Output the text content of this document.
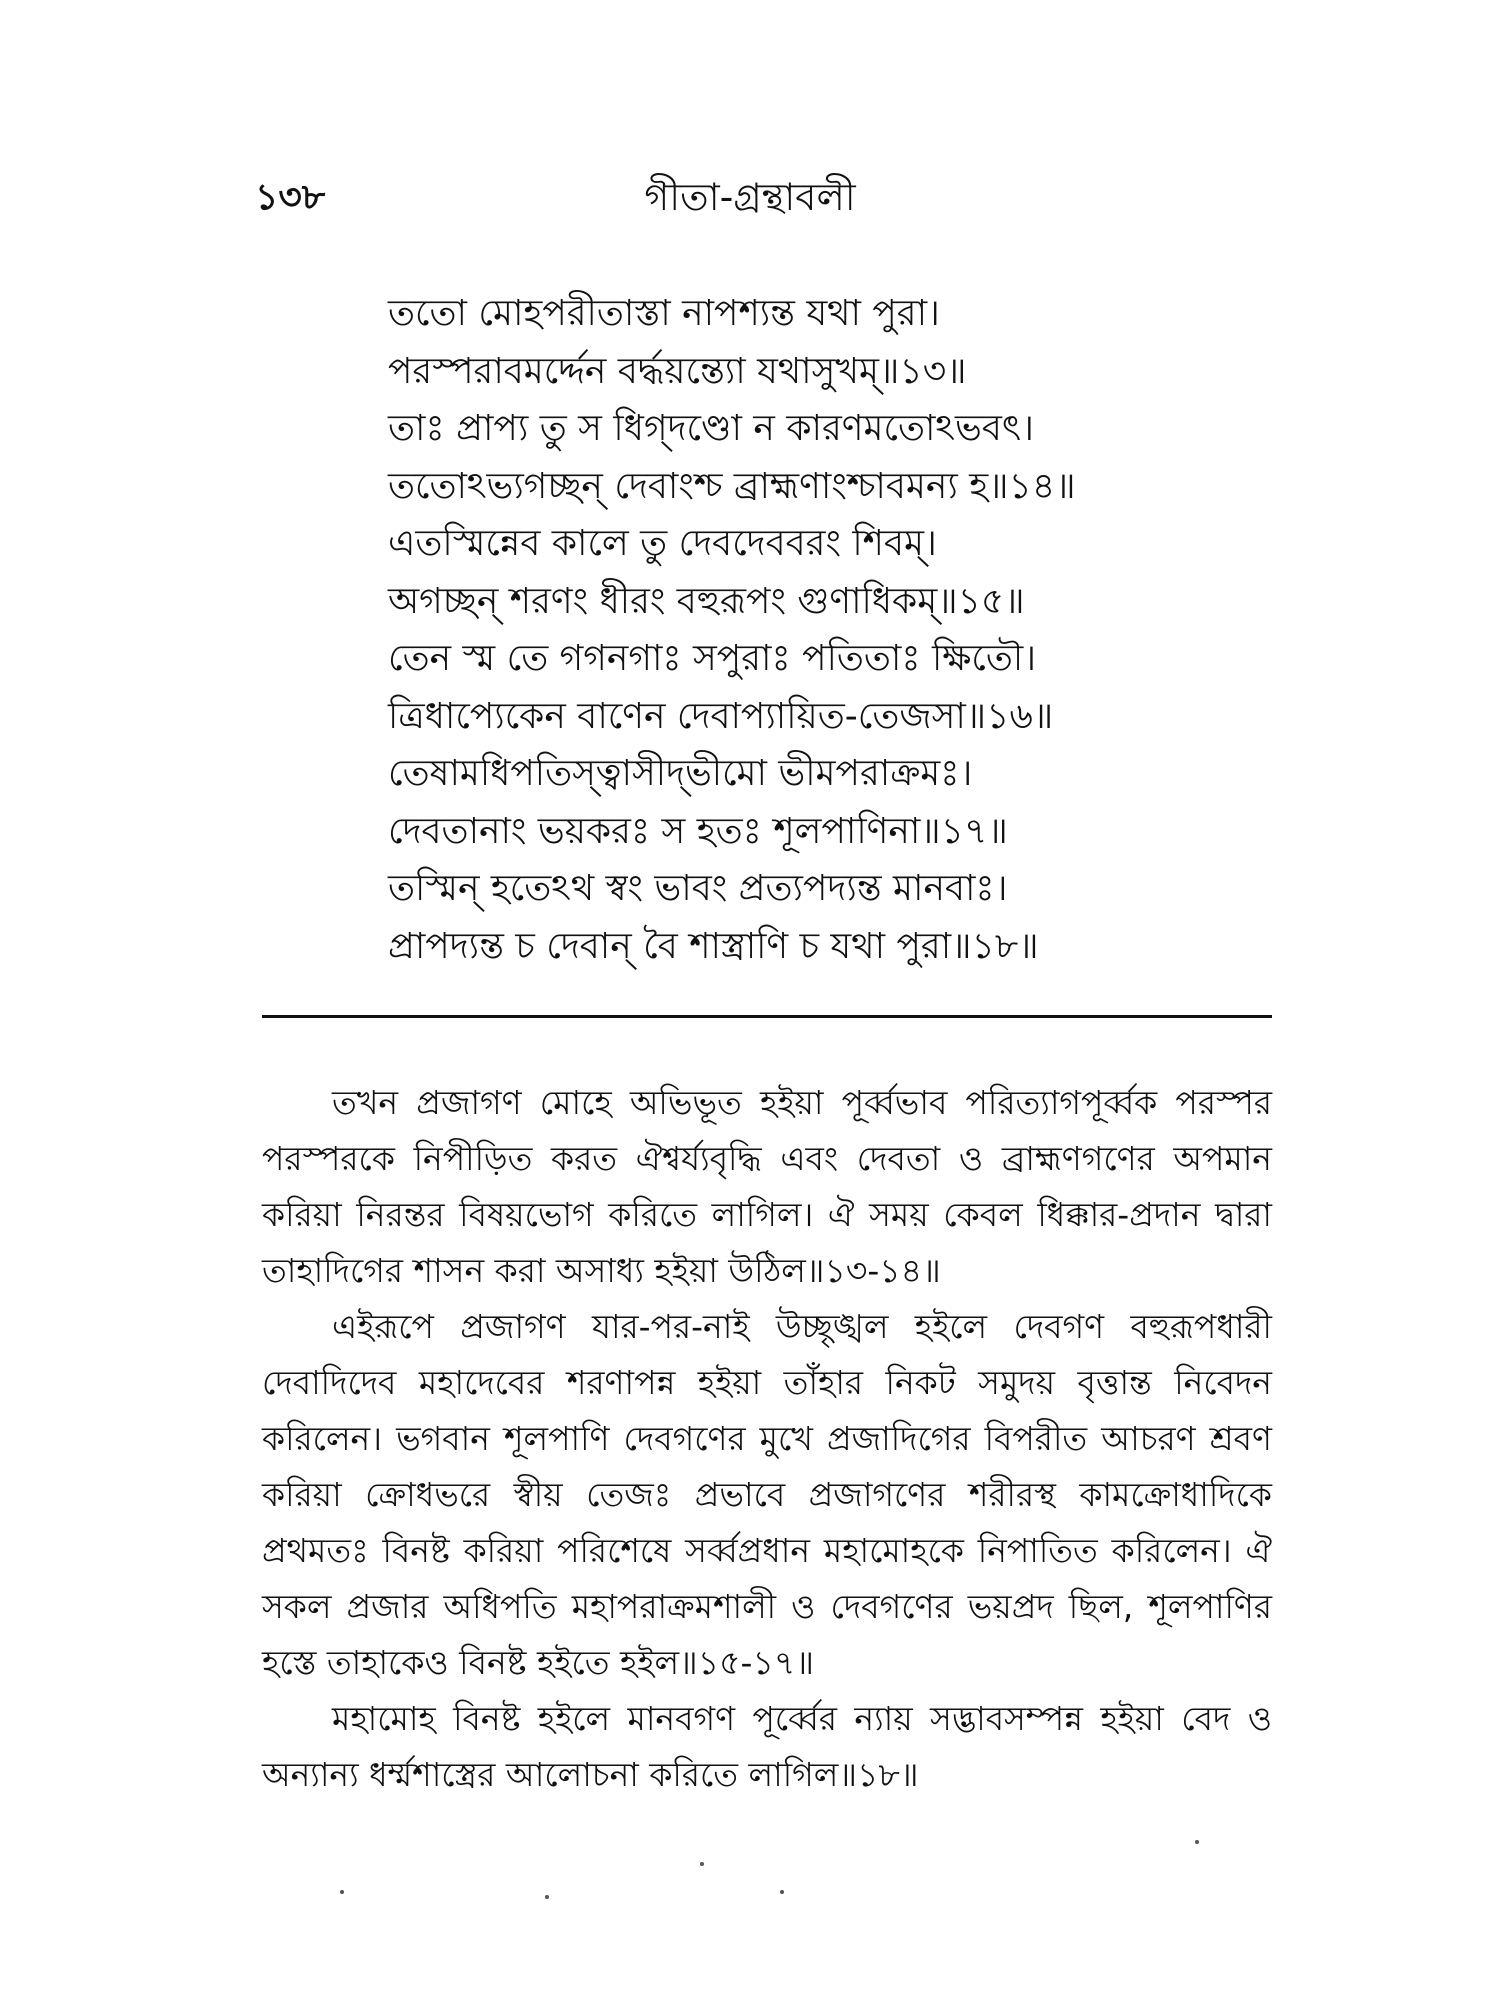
১৩৮	গীতা-গ্রন্থাবলী
ততো মোহপরীতাস্তা নাপশ্যন্ত যথা পুরা।
পরস্পরাবমর্দ্দেন বর্দ্ধয়ন্ত্যো যথাসুখম্॥১৩॥
তাঃ প্রাপ্য তু স ধিগ্‌দণ্ডো ন কারণমতোঽভবৎ।
ততোঽভ্যগচ্ছন্ দেবাংশ্চ ব্রাহ্মণাংশ্চাবমন্য হ॥১৪॥
এতস্মিন্নেব কালে তু দেবদেববরং শিবম্।
অগচ্ছন্ শরণং ধীরং বহুরূপং গুণাধিকম্॥১৫॥
তেন স্ম তে গগনগাঃ সপুরাঃ পতিতাঃ ক্ষিতৌ।
ত্রিধাপ্যেকেন বাণেন দেবাপ্যায়িত-তেজসা॥১৬॥
তেষামধিপতিস্ত্বাসীদ্‌ভীমো ভীমপরাক্রমঃ।
দেবতানাং ভয়করঃ স হতঃ শূলপাণিনা॥১৭॥
তস্মিন্ হতেঽথ স্বং ভাবং প্রত্যপদ্যন্ত মানবাঃ।
প্রাপদ্যন্ত চ দেবান্ বৈ শাস্ত্রাণি চ যথা পুরা॥১৮॥

তখন প্রজাগণ মোহে অভিভূত হইয়া পূর্ব্বভাব পরিত্যাগপূর্ব্বক পরস্পর পরস্পরকে নিপীড়িত করত ঐশ্বর্য্যবৃদ্ধি এবং দেবতা ও ব্রাহ্মণগণের অপমান করিয়া নিরন্তর বিষয়ভোগ করিতে লাগিল। ঐ সময় কেবল ধিক্কার-প্রদান দ্বারা তাহাদিগের শাসন করা অসাধ্য হইয়া উঠিল॥১৩-১৪॥

এইরূপে প্রজাগণ যার-পর-নাই উচ্ছৃঙ্খল হইলে দেবগণ বহুরূপধারী দেবাদিদেব মহাদেবের শরণাপন্ন হইয়া তাঁহার নিকট সমুদয় বৃত্তান্ত নিবেদন করিলেন। ভগবান শূলপাণি দেবগণের মুখে প্রজাদিগের বিপরীত আচরণ শ্রবণ করিয়া ক্রোধভরে স্বীয় তেজঃ প্রভাবে প্রজাগণের শরীরস্থ কামক্রোধাদিকে প্রথমতঃ বিনষ্ট করিয়া পরিশেষে সর্ব্বপ্রধান মহামোহকে নিপাতিত করিলেন। ঐ সকল প্রজার অধিপতি মহাপরাক্রমশালী ও দেবগণের ভয়প্রদ ছিল, শূলপাণির হস্তে তাহাকেও বিনষ্ট হইতে হইল॥১৫-১৭॥

মহামোহ বিনষ্ট হইলে মানবগণ পূর্ব্বের ন্যায় সদ্ভাবসম্পন্ন হইয়া বেদ ও অন্যান্য ধর্ম্মশাস্ত্রের আলোচনা করিতে লাগিল॥১৮॥
